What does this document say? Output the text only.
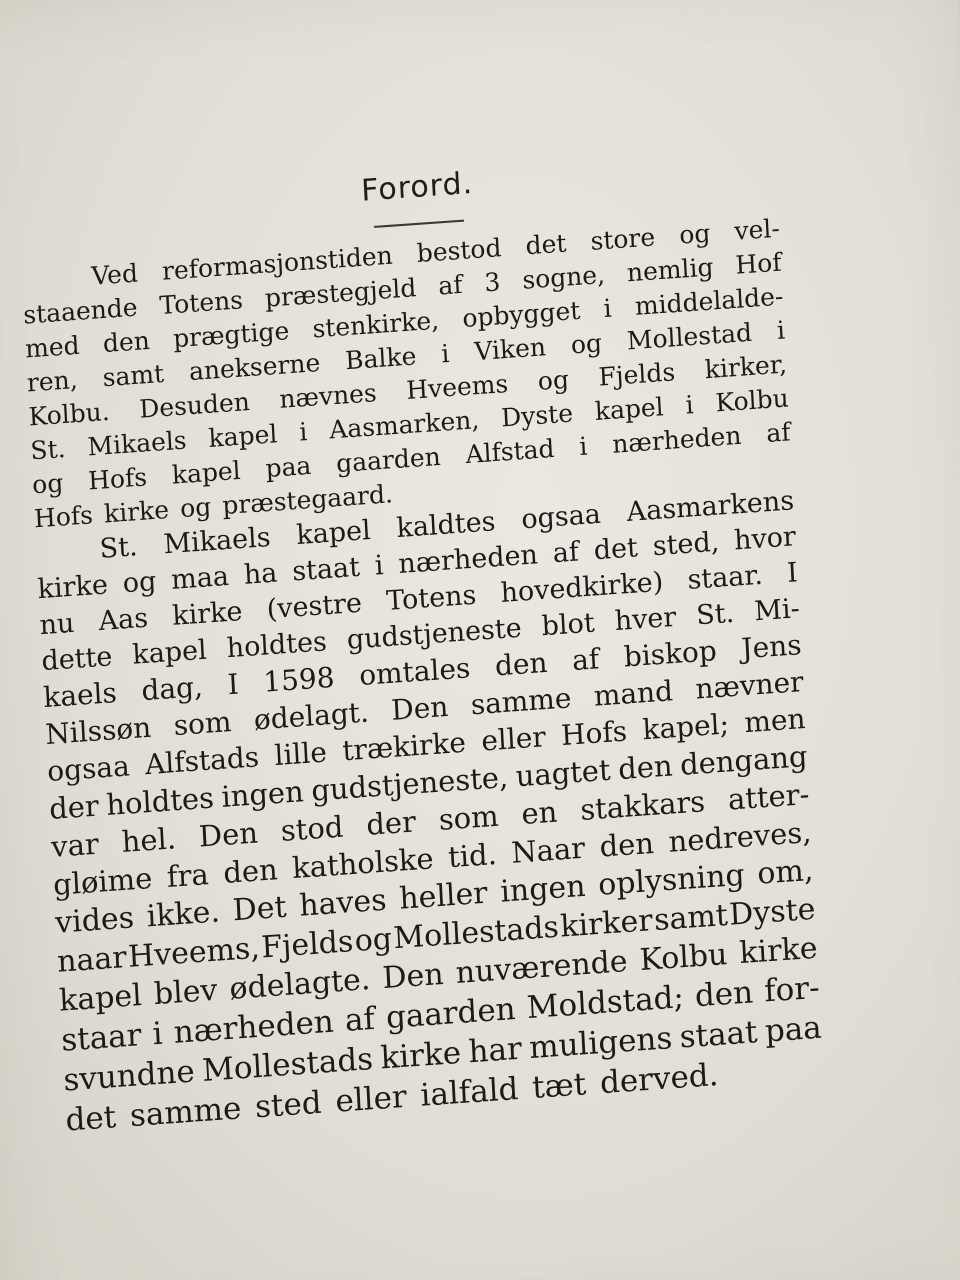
Forord.
Ved reformasjonstiden bestod det store og vel-
staaende Totens præstegjeld af 3 sogne, nemlig Hof
med den prægtige stenkirke, opbygget i middelalde-
ren, samt anekserne Balke i Viken og Mollestad i
Kolbu. Desuden nævnes Hveems og Fjelds kirker,
St. Mikaels kapel i Aasmarken, Dyste kapel i Kolbu
og Hofs kapel paa gaarden Alfstad i nærheden af
Hofs kirke og præstegaard.
St. Mikaels kapel kaldtes ogsaa Aasmarkens
kirke og maa ha staat i nærheden af det sted, hvor
nu Aas kirke (vestre Totens hovedkirke) staar. I
dette kapel holdtes gudstjeneste blot hver St. Mi-
kaels dag, I 1598 omtales den af biskop Jens
Nilssøn som ødelagt. Den samme mand nævner
ogsaa Alfstads lille trækirke eller Hofs kapel; men
der holdtes ingen gudstjeneste, uagtet den dengang
var hel. Den stod der som en stakkars atter-
gløime fra den katholske tid. Naar den nedreves,
vides ikke. Det haves heller ingen oplysning om,
naar Hveems, Fjelds og Mollestads kirker samt Dyste
kapel blev ødelagte. Den nuværende Kolbu kirke
staar i nærheden af gaarden Moldstad; den for-
svundne Mollestads kirke har muligens staat paa
det samme sted eller ialfald tæt derved.
